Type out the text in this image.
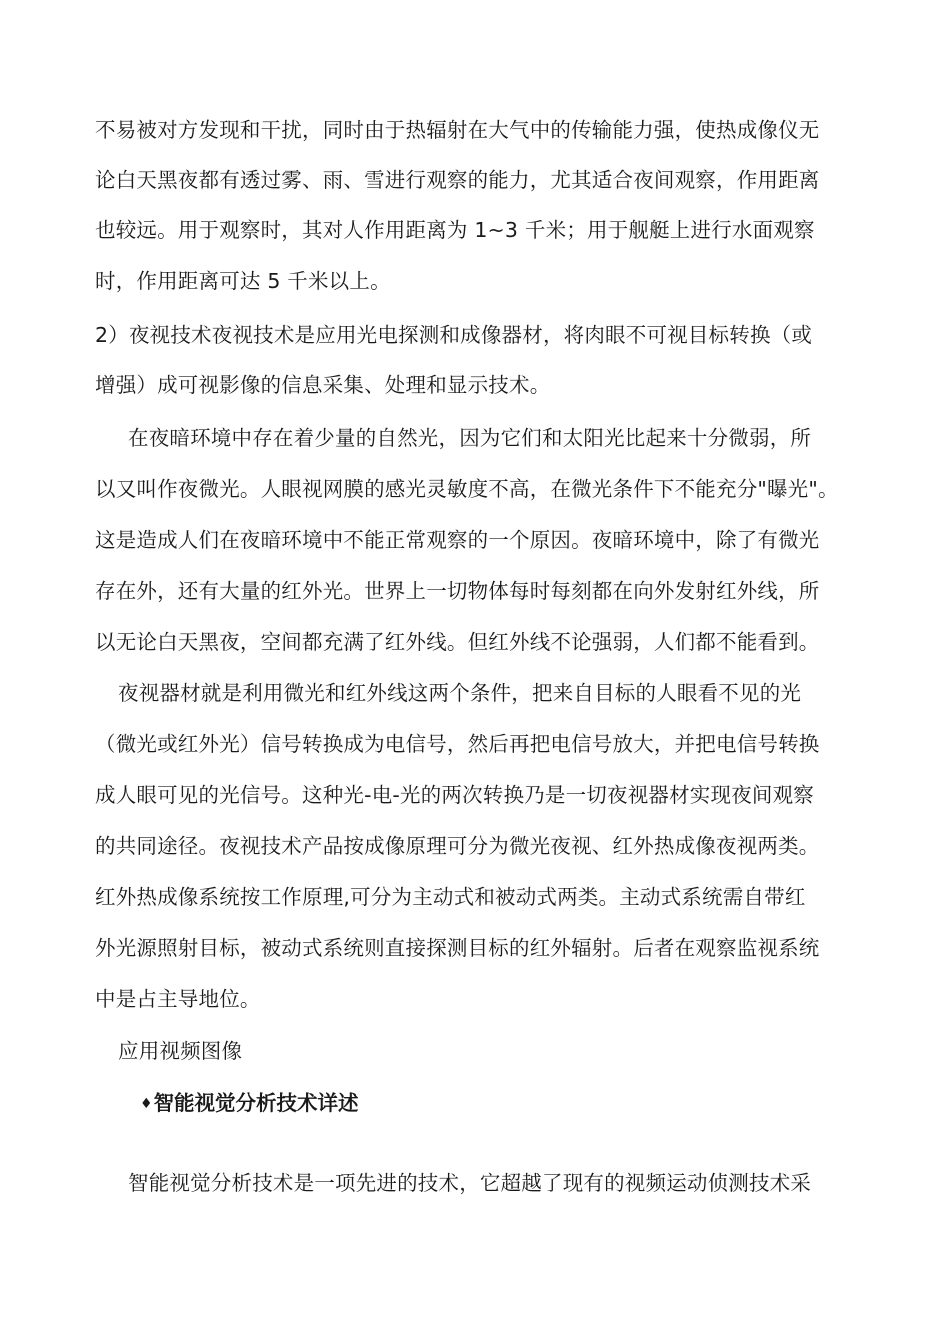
不易被对方发现和干扰，同时由于热辐射在大气中的传输能力强，使热成像仪无
论白天黑夜都有透过雾、雨、雪进行观察的能力，尤其适合夜间观察，作用距离
也较远。用于观察时，其对人作用距离为 1~3 千米；用于舰艇上进行水面观察
时，作用距离可达 5 千米以上。
2）夜视技术夜视技术是应用光电探测和成像器材，将肉眼不可视目标转换（或
增强）成可视影像的信息采集、处理和显示技术。
在夜暗环境中存在着少量的自然光，因为它们和太阳光比起来十分微弱，所
以又叫作夜微光。人眼视网膜的感光灵敏度不高，在微光条件下不能充分"曝光"。
这是造成人们在夜暗环境中不能正常观察的一个原因。夜暗环境中，除了有微光
存在外，还有大量的红外光。世界上一切物体每时每刻都在向外发射红外线，所
以无论白天黑夜，空间都充满了红外线。但红外线不论强弱，人们都不能看到。
夜视器材就是利用微光和红外线这两个条件，把来自目标的人眼看不见的光
（微光或红外光）信号转换成为电信号，然后再把电信号放大，并把电信号转换
成人眼可见的光信号。这种光-电-光的两次转换乃是一切夜视器材实现夜间观察
的共同途径。夜视技术产品按成像原理可分为微光夜视、红外热成像夜视两类。
红外热成像系统按工作原理,可分为主动式和被动式两类。主动式系统需自带红
外光源照射目标，被动式系统则直接探测目标的红外辐射。后者在观察监视系统
中是占主导地位。
应用视频图像
♦智能视觉分析技术详述
智能视觉分析技术是一项先进的技术，它超越了现有的视频运动侦测技术采
